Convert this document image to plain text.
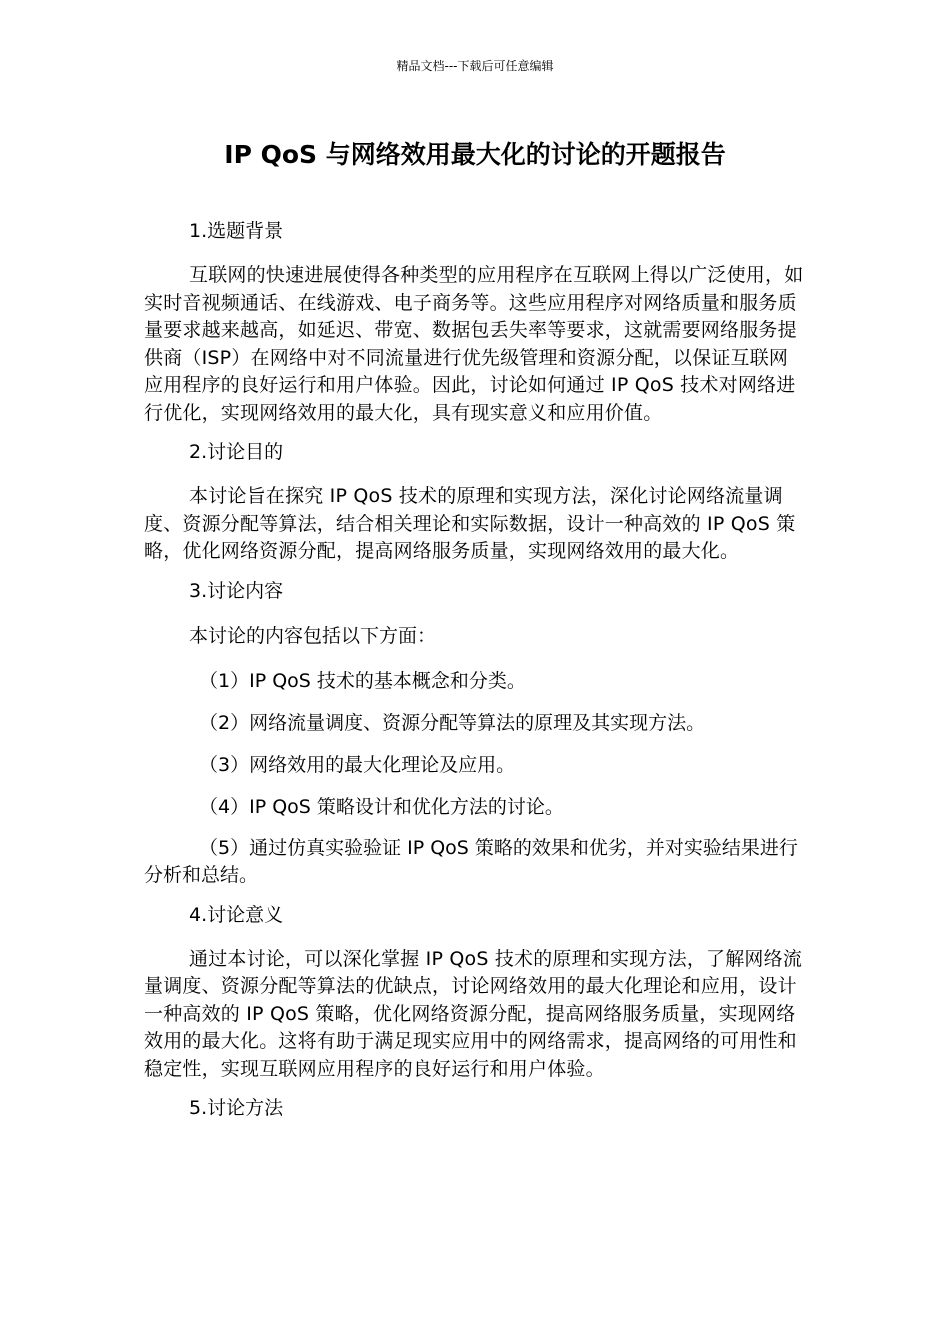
精品文档---下载后可任意编辑
IP QoS 与网络效用最大化的讨论的开题报告

1.选题背景

互联网的快速进展使得各种类型的应用程序在互联网上得以广泛使用，如实时音视频通话、在线游戏、电子商务等。这些应用程序对网络质量和服务质量要求越来越高，如延迟、带宽、数据包丢失率等要求，这就需要网络服务提供商（ISP）在网络中对不同流量进行优先级管理和资源分配，以保证互联网应用程序的良好运行和用户体验。因此，讨论如何通过 IP QoS 技术对网络进行优化，实现网络效用的最大化，具有现实意义和应用价值。

2.讨论目的

本讨论旨在探究 IP QoS 技术的原理和实现方法，深化讨论网络流量调度、资源分配等算法，结合相关理论和实际数据，设计一种高效的 IP QoS 策略，优化网络资源分配，提高网络服务质量，实现网络效用的最大化。

3.讨论内容

本讨论的内容包括以下方面：

（1）IP QoS 技术的基本概念和分类。

（2）网络流量调度、资源分配等算法的原理及其实现方法。

（3）网络效用的最大化理论及应用。

（4）IP QoS 策略设计和优化方法的讨论。

（5）通过仿真实验验证 IP QoS 策略的效果和优劣，并对实验结果进行分析和总结。

4.讨论意义

通过本讨论，可以深化掌握 IP QoS 技术的原理和实现方法，了解网络流量调度、资源分配等算法的优缺点，讨论网络效用的最大化理论和应用，设计一种高效的 IP QoS 策略，优化网络资源分配，提高网络服务质量，实现网络效用的最大化。这将有助于满足现实应用中的网络需求，提高网络的可用性和稳定性，实现互联网应用程序的良好运行和用户体验。

5.讨论方法
